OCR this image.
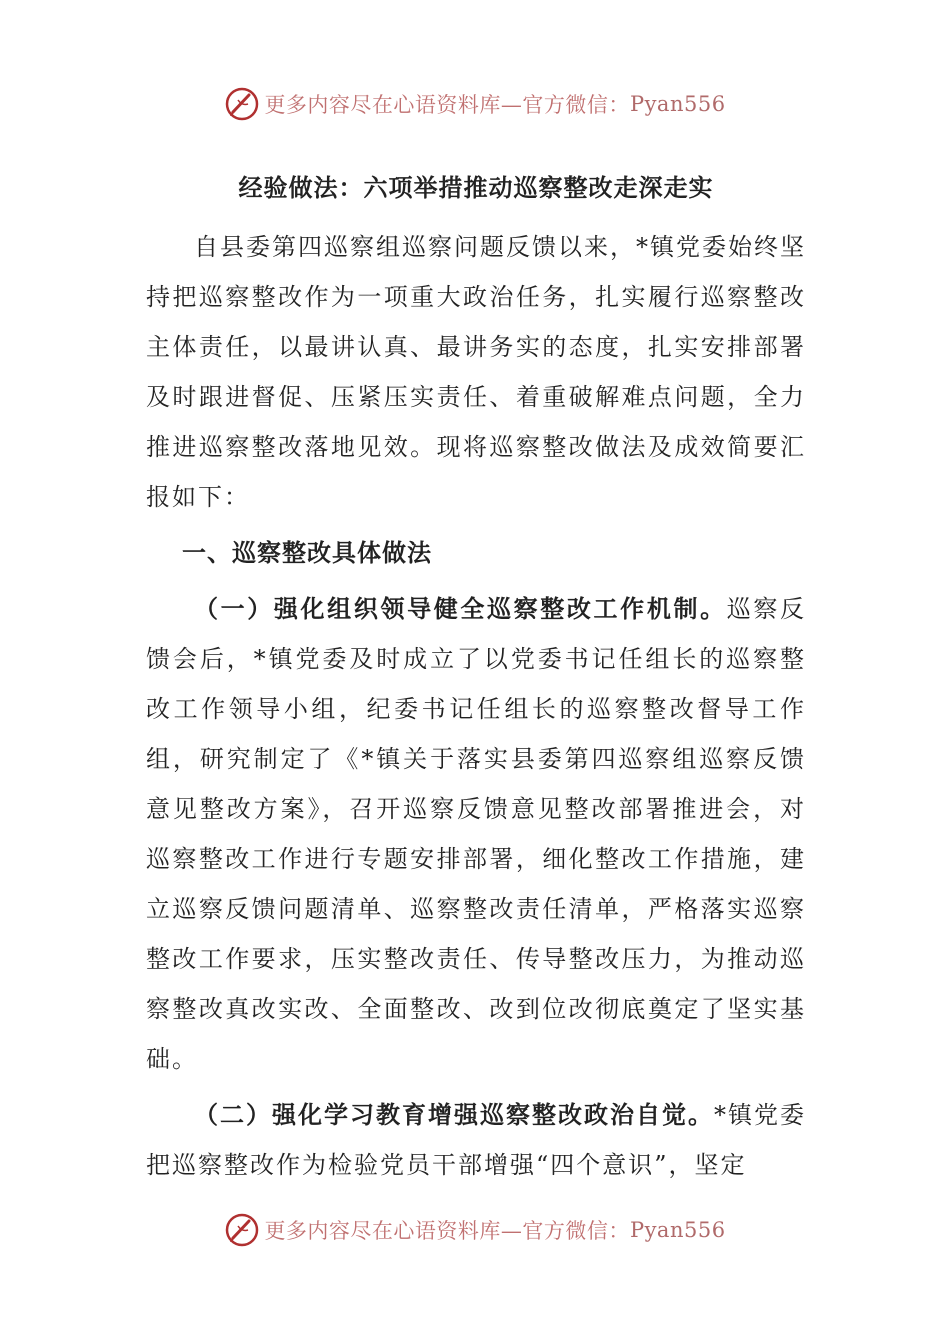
更多内容尽在心语资料库—官方微信： Pyan556
经验做法：六项举措推动巡察整改走深走实

自县委第四巡察组巡察问题反馈以来，*镇党委始终坚持把巡察整改作为一项重大政治任务，扎实履行巡察整改主体责任，以最讲认真、最讲务实的态度，扎实安排部署及时跟进督促、压紧压实责任、着重破解难点问题，全力推进巡察整改落地见效。现将巡察整改做法及成效简要汇报如下：

一、巡察整改具体做法

（一）强化组织领导健全巡察整改工作机制。巡察反馈会后，*镇党委及时成立了以党委书记任组长的巡察整改工作领导小组，纪委书记任组长的巡察整改督导工作组，研究制定了《*镇关于落实县委第四巡察组巡察反馈意见整改方案》，召开巡察反馈意见整改部署推进会，对巡察整改工作进行专题安排部署，细化整改工作措施，建立巡察反馈问题清单、巡察整改责任清单，严格落实巡察整改工作要求，压实整改责任、传导整改压力，为推动巡察整改真改实改、全面整改、改到位改彻底奠定了坚实基础。

（二）强化学习教育增强巡察整改政治自觉。*镇党委把巡察整改作为检验党员干部增强“四个意识”，坚定

更多内容尽在心语资料库—官方微信： Pyan556
